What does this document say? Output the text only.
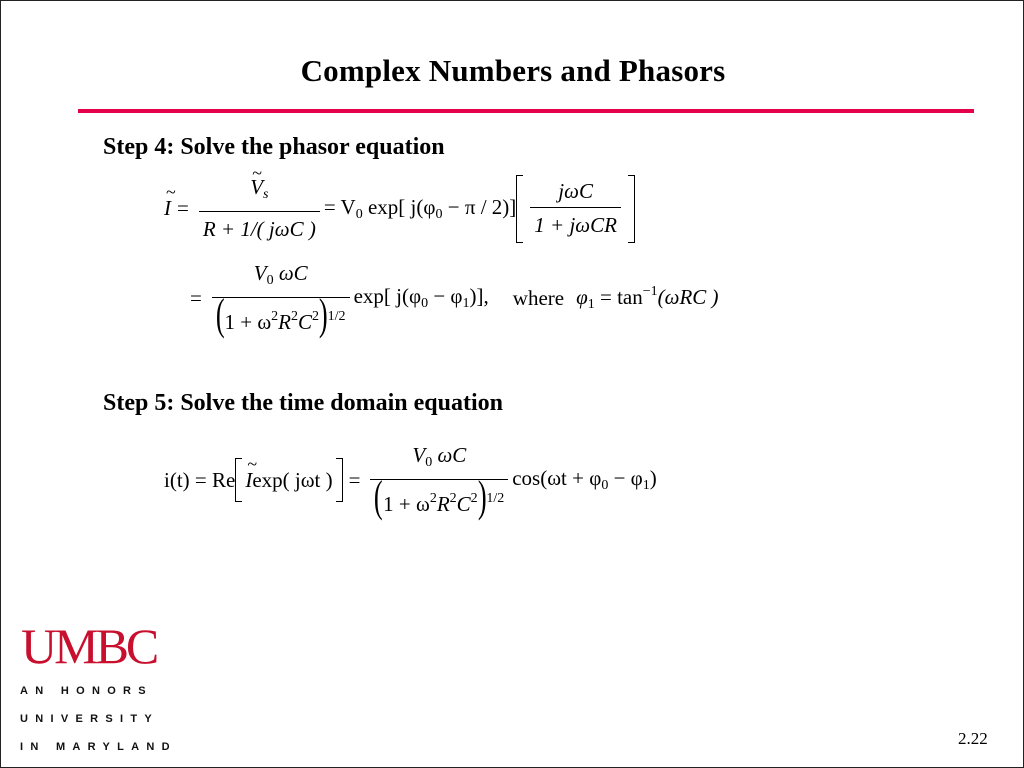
Complex Numbers and Phasors
Step 4: Solve the phasor equation
~ I = ~ $\frac{V_s}{\text{R + 1/( jωC )}} = V_0$ exp[ $j(\varphi_0 - \pi / 2)] \frac{\text{jωC}}{\text{1 + jωCR}}$
= $\frac{V_0 \omega C}{(1 + \omega^2R^2C^2)^{1/2}} \exp$[ $j(\varphi_0 - \varphi_1)$], where $\varphi_1 = \tan^{-1}(\omega RC$ )
Step 5: Solve the time domain equation
i(t) = Re ~ I exp( jωt ) = $\frac{V_0 \omega C}{(1 + \omega^2R^2C^2)^{1/2}} \cos(\omega t + \varphi_0 - \varphi_1)$
UMBC
AN HONORS
UNIVERSITY
IN MARYLAND	2.22
